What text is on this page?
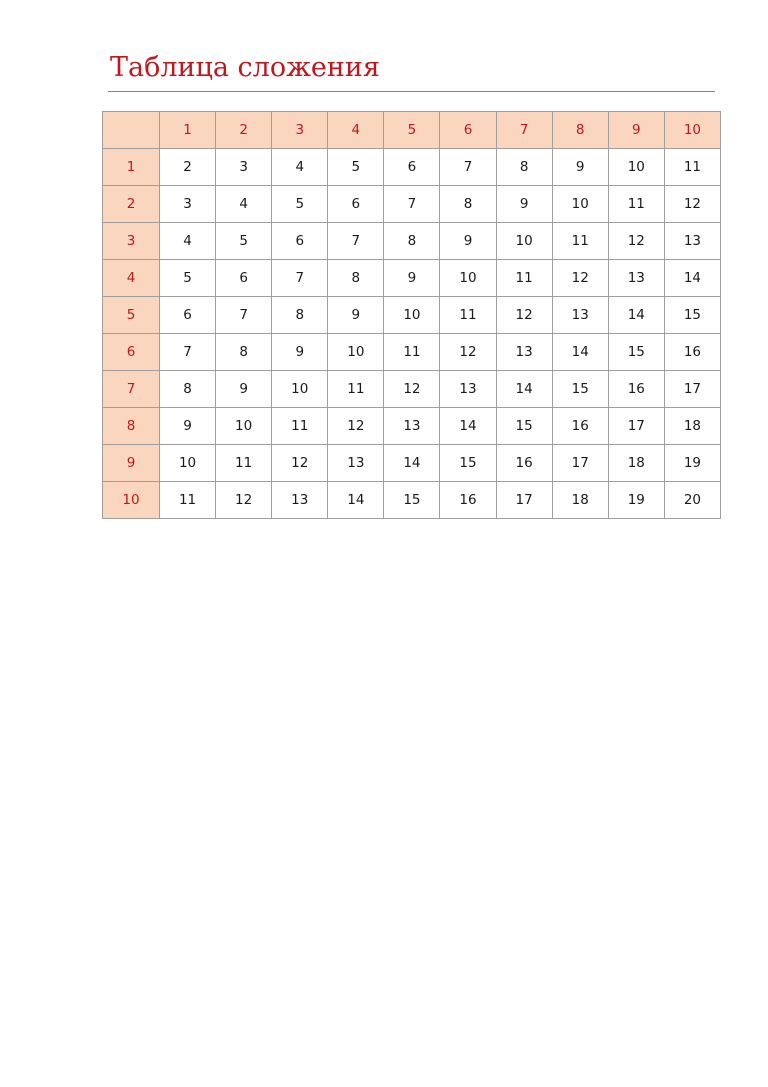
Таблица сложения
	1	2	3	4	5	6	7	8	9	10
1	2	3	4	5	6	7	8	9	10	11
2	3	4	5	6	7	8	9	10	11	12
3	4	5	6	7	8	9	10	11	12	13
4	5	6	7	8	9	10	11	12	13	14
5	6	7	8	9	10	11	12	13	14	15
6	7	8	9	10	11	12	13	14	15	16
7	8	9	10	11	12	13	14	15	16	17
8	9	10	11	12	13	14	15	16	17	18
9	10	11	12	13	14	15	16	17	18	19
10	11	12	13	14	15	16	17	18	19	20
